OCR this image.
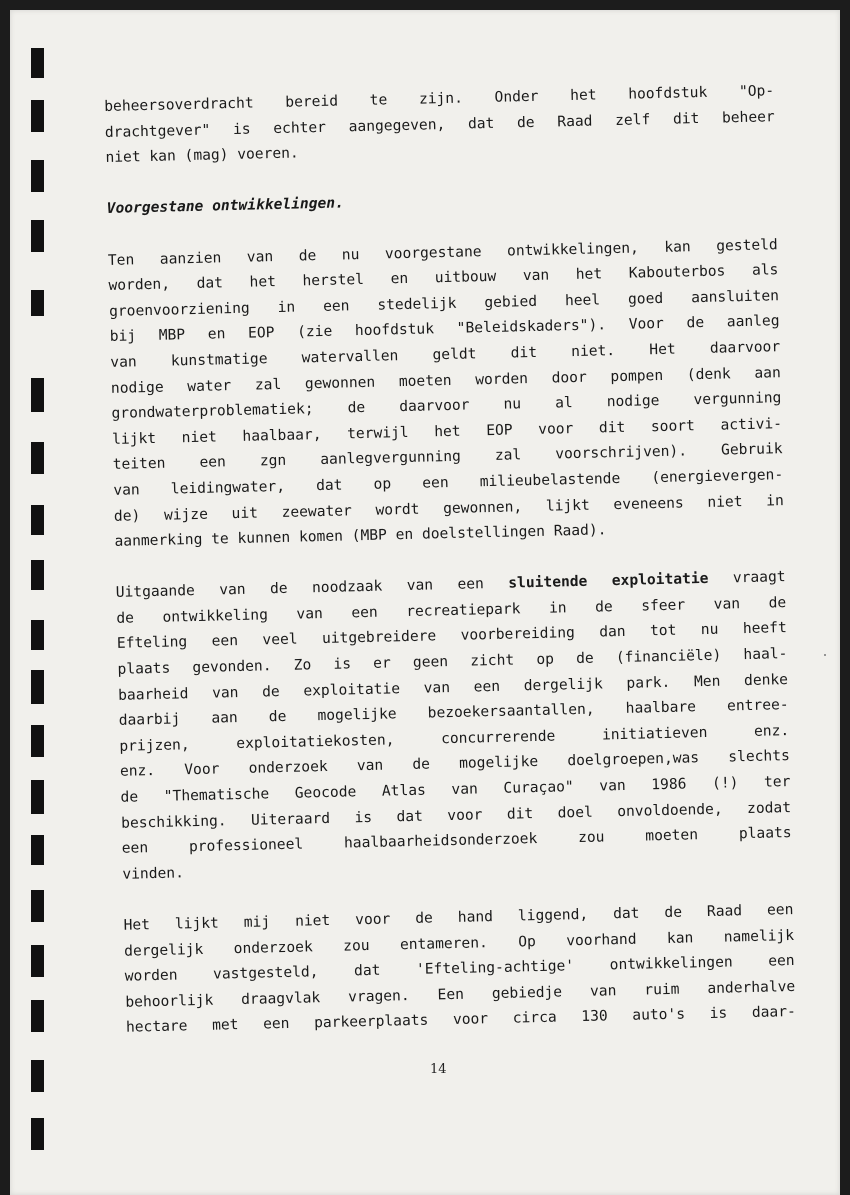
beheersoverdracht bereid te zijn. Onder het hoofdstuk "Op-
drachtgever" is echter aangegeven, dat de Raad zelf dit beheer
niet kan (mag) voeren.

Voorgestane ontwikkelingen.

Ten aanzien van de nu voorgestane ontwikkelingen, kan gesteld
worden, dat het herstel en uitbouw van het Kabouterbos als
groenvoorziening in een stedelijk gebied heel goed aansluiten
bij MBP en EOP (zie hoofdstuk "Beleidskaders"). Voor de aanleg
van kunstmatige watervallen geldt dit niet. Het daarvoor
nodige water zal gewonnen moeten worden door pompen (denk aan
grondwaterproblematiek; de daarvoor nu al nodige vergunning
lijkt niet haalbaar, terwijl het EOP voor dit soort activi-
teiten een zgn aanlegvergunning zal voorschrijven). Gebruik
van leidingwater, dat op een milieubelastende (energievergen-
de) wijze uit zeewater wordt gewonnen, lijkt eveneens niet in
aanmerking te kunnen komen (MBP en doelstellingen Raad).

Uitgaande van de noodzaak van een sluitende exploitatie vraagt
de ontwikkeling van een recreatiepark in de sfeer van de
Efteling een veel uitgebreidere voorbereiding dan tot nu heeft
plaats gevonden. Zo is er geen zicht op de (financiële) haal-
baarheid van de exploitatie van een dergelijk park. Men denke
daarbij aan de mogelijke bezoekersaantallen, haalbare entree-
prijzen, exploitatiekosten, concurrerende initiatieven enz.
enz. Voor onderzoek van de mogelijke doelgroepen,was slechts
de "Thematische Geocode Atlas van Curaçao" van 1986 (!) ter
beschikking. Uiteraard is dat voor dit doel onvoldoende, zodat
een professioneel haalbaarheidsonderzoek zou moeten plaats
vinden.

Het lijkt mij niet voor de hand liggend, dat de Raad een
dergelijk onderzoek zou entameren. Op voorhand kan namelijk
worden vastgesteld, dat 'Efteling-achtige' ontwikkelingen een
behoorlijk draagvlak vragen. Een gebiedje van ruim anderhalve
hectare met een parkeerplaats voor circa 130 auto's is daar-

14
